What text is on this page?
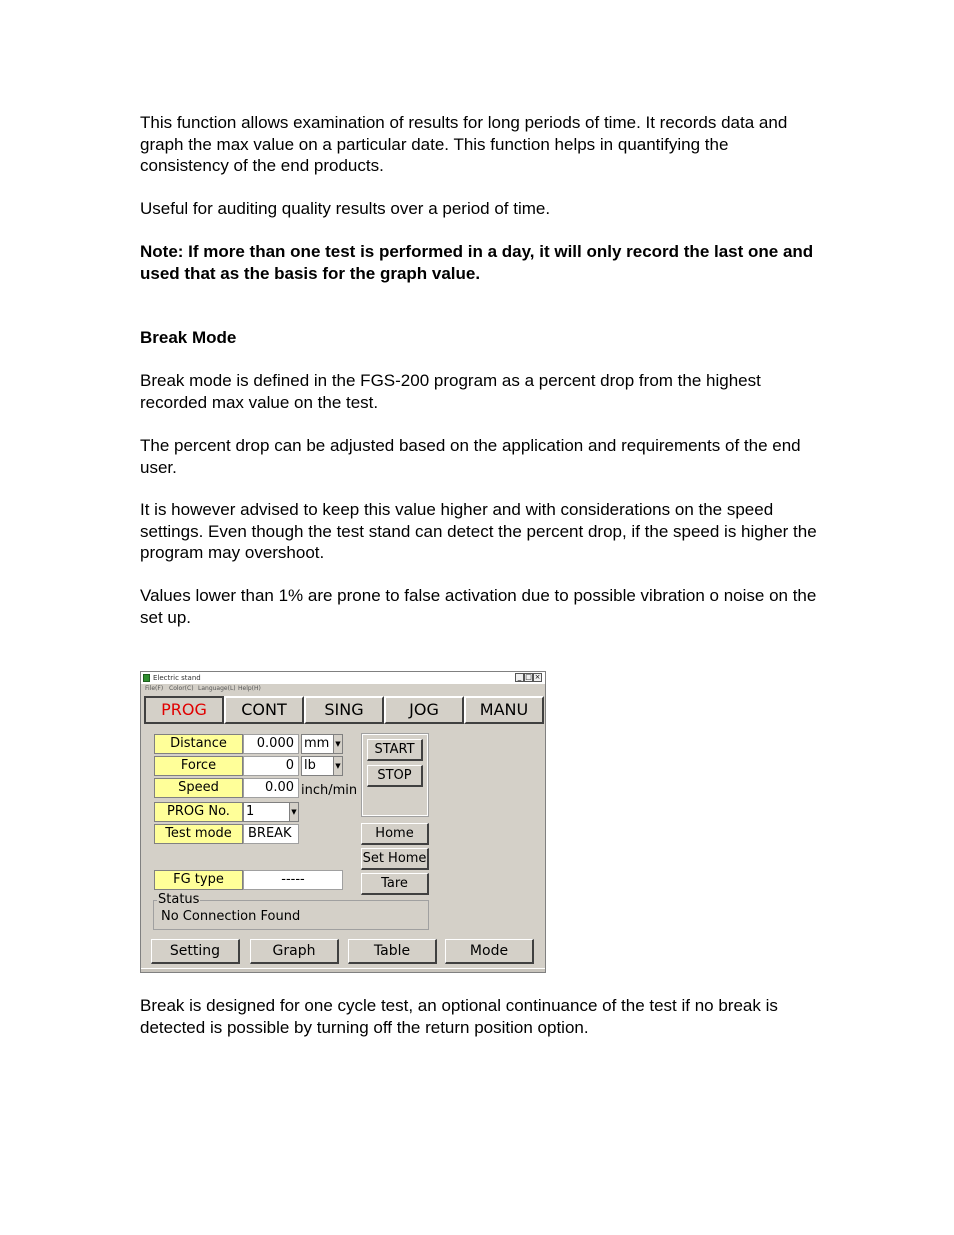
This function allows examination of results for long periods of time. It records data and graph the max value on a particular date. This function helps in quantifying the consistency of the end products.

Useful for auditing quality results over a period of time.

Note: If more than one test is performed in a day, it will only record the last one and used that as the basis for the graph value.

Break Mode

Break mode is defined in the FGS-200 program as a percent drop from the highest recorded max value on the test.

The percent drop can be adjusted based on the application and requirements of the end user.

It is however advised to keep this value higher and with considerations on the speed settings. Even though the test stand can detect the percent drop, if the speed is higher the program may overshoot.

Values lower than 1% are prone to false activation due to possible vibration o noise on the set up.

Electric stand	_ □ ×
File(F) Color(C) Language(L) Help(H)
PROG	CONT	SING	JOG	MANU
Distance	0.000 mm ▼
Force	0 lb	▼
Speed	0.00 inch/min
PROG No.	1	▼
Test mode	BREAK
FG type	-----
START
STOP
Home
Set Home
Tare
Status
No Connection Found
Setting	Graph	Table	Mode

Break is designed for one cycle test, an optional continuance of the test if no break is detected is possible by turning off the return position option.
